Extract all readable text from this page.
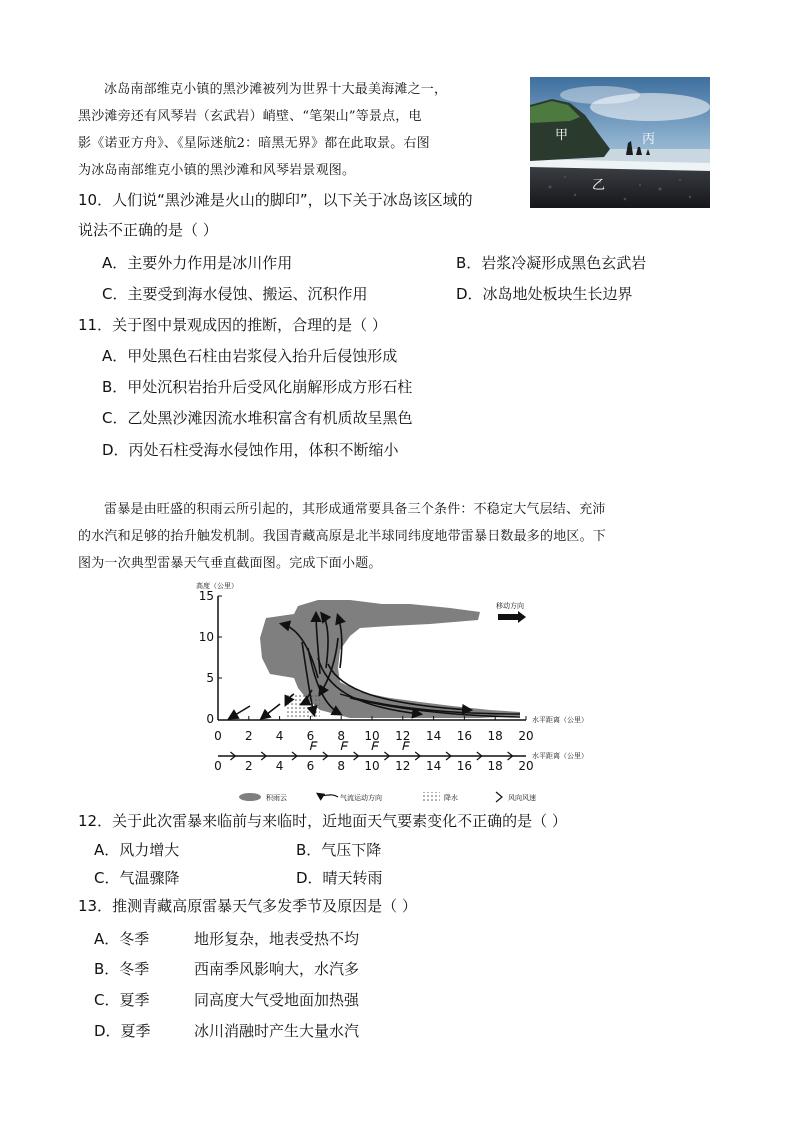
冰岛南部维克小镇的黑沙滩被列为世界十大最美海滩之一，
黑沙滩旁还有风琴岩（玄武岩）峭壁、“笔架山”等景点，电
影《诺亚方舟》、《星际迷航2：暗黑无界》都在此取景。右图
为冰岛南部维克小镇的黑沙滩和风琴岩景观图。
甲	丙
乙
10．人们说“黑沙滩是火山的脚印”，以下关于冰岛该区域的
说法不正确的是（ ）
A．主要外力作用是冰川作用	B．岩浆冷凝形成黑色玄武岩
C．主要受到海水侵蚀、搬运、沉积作用	D．冰岛地处板块生长边界
11．关于图中景观成因的推断，合理的是（ ）
A．甲处黑色石柱由岩浆侵入抬升后侵蚀形成
B．甲处沉积岩抬升后受风化崩解形成方形石柱
C．乙处黑沙滩因流水堆积富含有机质故呈黑色
D．丙处石柱受海水侵蚀作用，体积不断缩小
雷暴是由旺盛的积雨云所引起的，其形成通常要具备三个条件：不稳定大气层结、充沛
的水汽和足够的抬升触发机制。我国青藏高原是北半球同纬度地带雷暴日数最多的地区。下
图为一次典型雷暴天气垂直截面图。完成下面小题。
高度（公里）
15
10
5
0
移动方向
水平距离（公里）
0 2 4 6 8 10 12 14 16 18 20
水平距离（公里）
0 2 4 6 8 10 12 14 16 18 20
积雨云	气流运动方向	降水	风向风速
12．关于此次雷暴来临前与来临时，近地面天气要素变化不正确的是（ ）
A．风力增大	B．气压下降
C．气温骤降	D．晴天转雨
13．推测青藏高原雷暴天气多发季节及原因是（ ）
A．冬季	地形复杂，地表受热不均
B．冬季	西南季风影响大，水汽多
C．夏季	同高度大气受地面加热强
D．夏季	冰川消融时产生大量水汽
